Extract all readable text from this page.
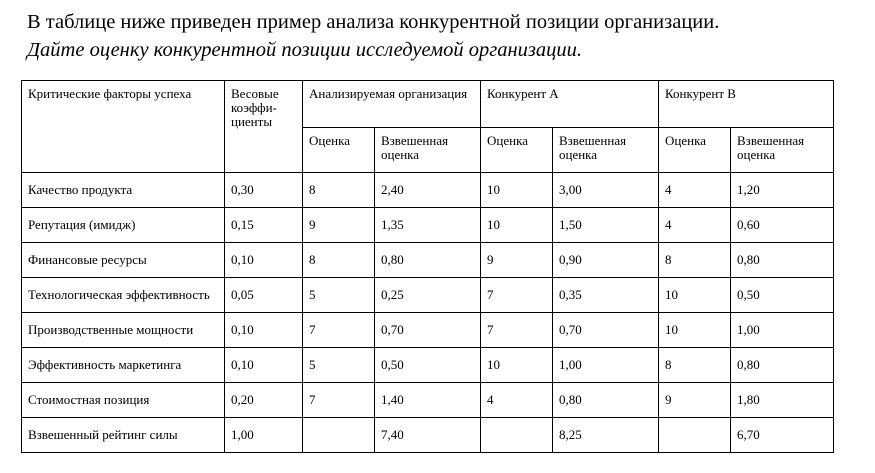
В таблице ниже приведен пример анализа конкурентной позиции организации.
Дайте оценку конкурентной позиции исследуемой организации.
Критические факторы успеха	Весовые коэффи-циенты	Анализируемая организация		Конкурент А		Конкурент В	
		Оценка	Взвешенная оценка	Оценка	Взвешенная оценка	Оценка	Взвешенная оценка
Качество продукта	0,30	8	2,40	10	3,00	4	1,20
Репутация (имидж)	0,15	9	1,35	10	1,50	4	0,60
Финансовые ресурсы	0,10	8	0,80	9	0,90	8	0,80
Технологическая эффективность	0,05	5	0,25	7	0,35	10	0,50
Производственные мощности	0,10	7	0,70	7	0,70	10	1,00
Эффективность маркетинга	0,10	5	0,50	10	1,00	8	0,80
Стоимостная позиция	0,20	7	1,40	4	0,80	9	1,80
Взвешенный рейтинг силы	1,00		7,40		8,25		6,70
